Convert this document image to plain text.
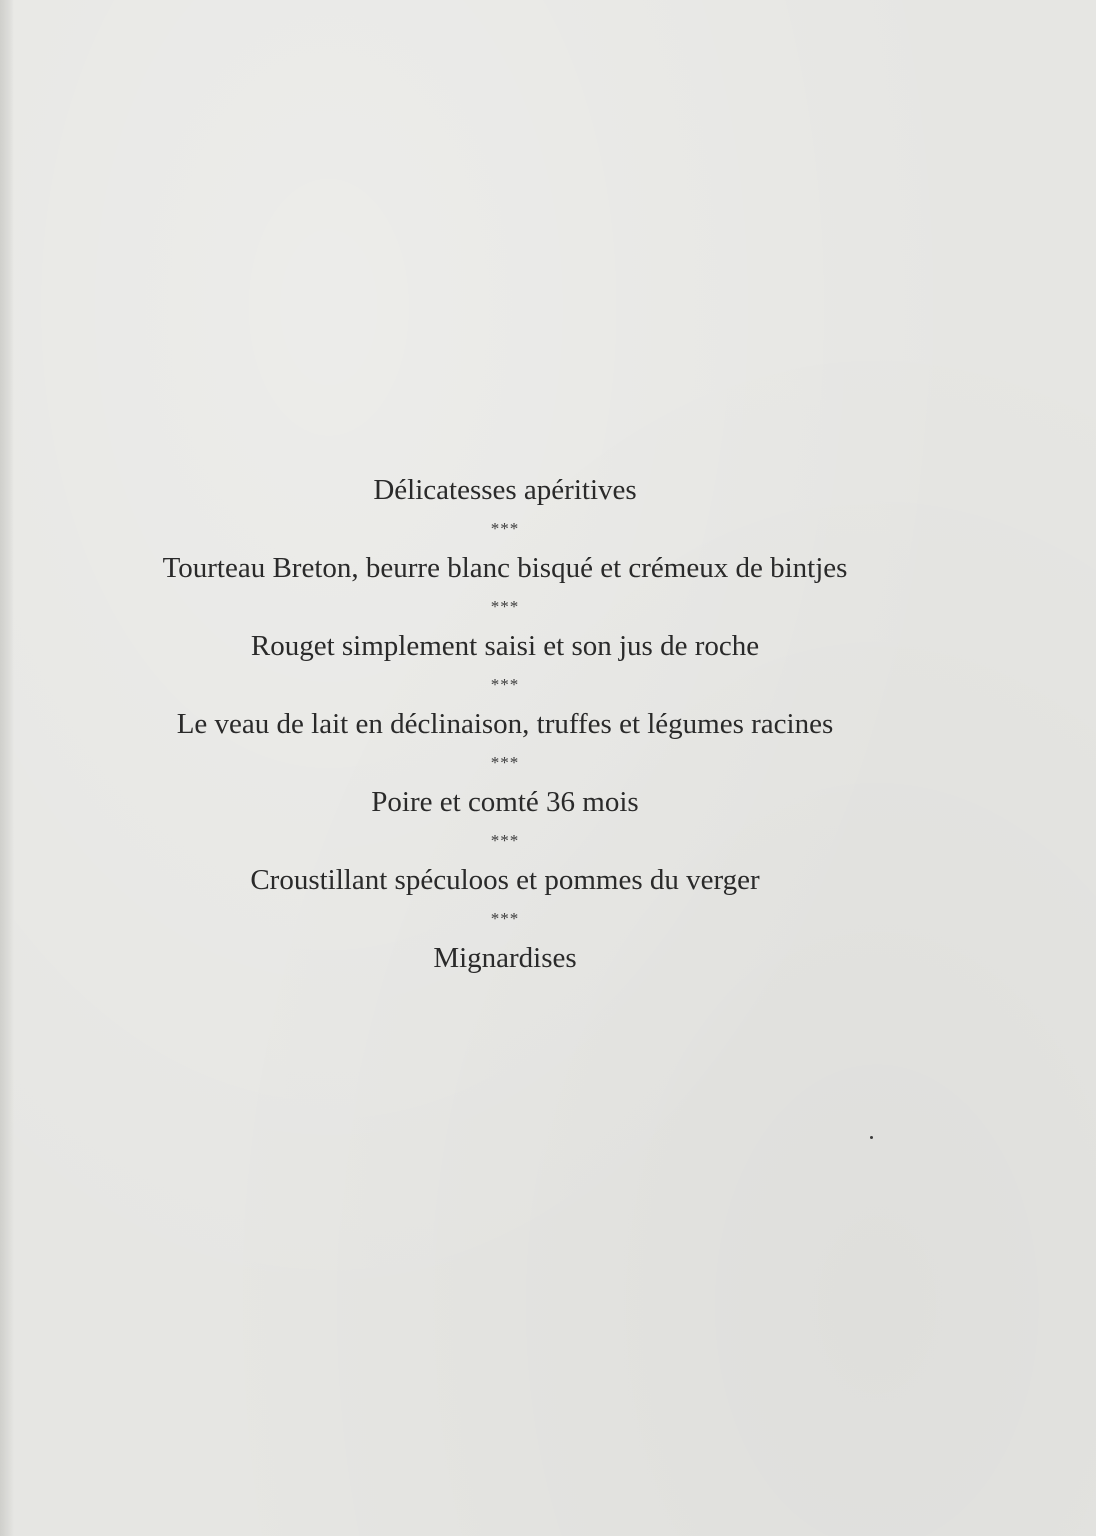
Délicatesses apéritives
***
Tourteau Breton, beurre blanc bisqué et crémeux de bintjes
***
Rouget simplement saisi et son jus de roche
***
Le veau de lait en déclinaison, truffes et légumes racines
***
Poire et comté 36 mois
***
Croustillant spéculoos et pommes du verger
***
Mignardises
